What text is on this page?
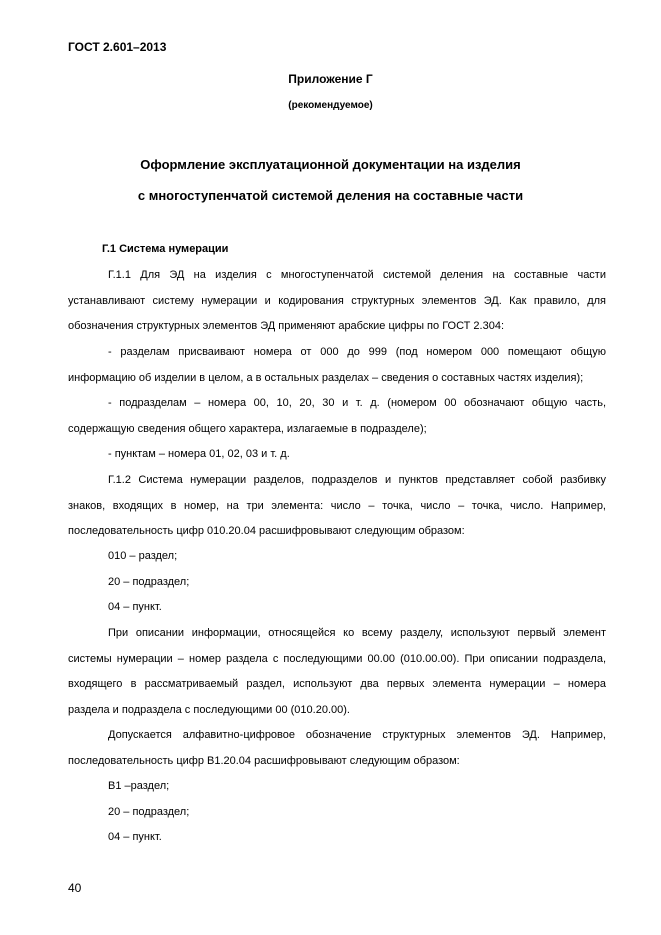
ГОСТ 2.601–2013
Приложение Г
(рекомендуемое)
Оформление эксплуатационной документации на изделия
с многоступенчатой системой деления на составные части
Г.1 Система нумерации

Г.1.1 Для ЭД на изделия с многоступенчатой системой деления на составные части

устанавливают систему нумерации и кодирования структурных элементов ЭД. Как правило, для

обозначения структурных элементов ЭД применяют арабские цифры по ГОСТ 2.304:

- разделам присваивают номера от 000 до 999 (под номером 000 помещают общую

информацию об изделии в целом, а в остальных разделах – сведения о составных частях изделия);

- подразделам – номера 00, 10, 20, 30 и т. д. (номером 00 обозначают общую часть,

содержащую сведения общего характера, излагаемые в подразделе);

- пунктам – номера 01, 02, 03 и т. д.

Г.1.2 Система нумерации разделов, подразделов и пунктов представляет собой разбивку

знаков, входящих в номер, на три элемента: число – точка, число – точка, число. Например,

последовательность цифр 010.20.04 расшифровывают следующим образом:

010 – раздел;

20 – подраздел;

04 – пункт.

При описании информации, относящейся ко всему разделу, используют первый элемент

системы нумерации – номер раздела с последующими 00.00 (010.00.00). При описании подраздела,

входящего в рассматриваемый раздел, используют два первых элемента нумерации – номера

раздела и подраздела с последующими 00 (010.20.00).

Допускается алфавитно-цифровое обозначение структурных элементов ЭД. Например,

последовательность цифр В1.20.04 расшифровывают следующим образом:

В1 –раздел;

20 – подраздел;

04 – пункт.

40
